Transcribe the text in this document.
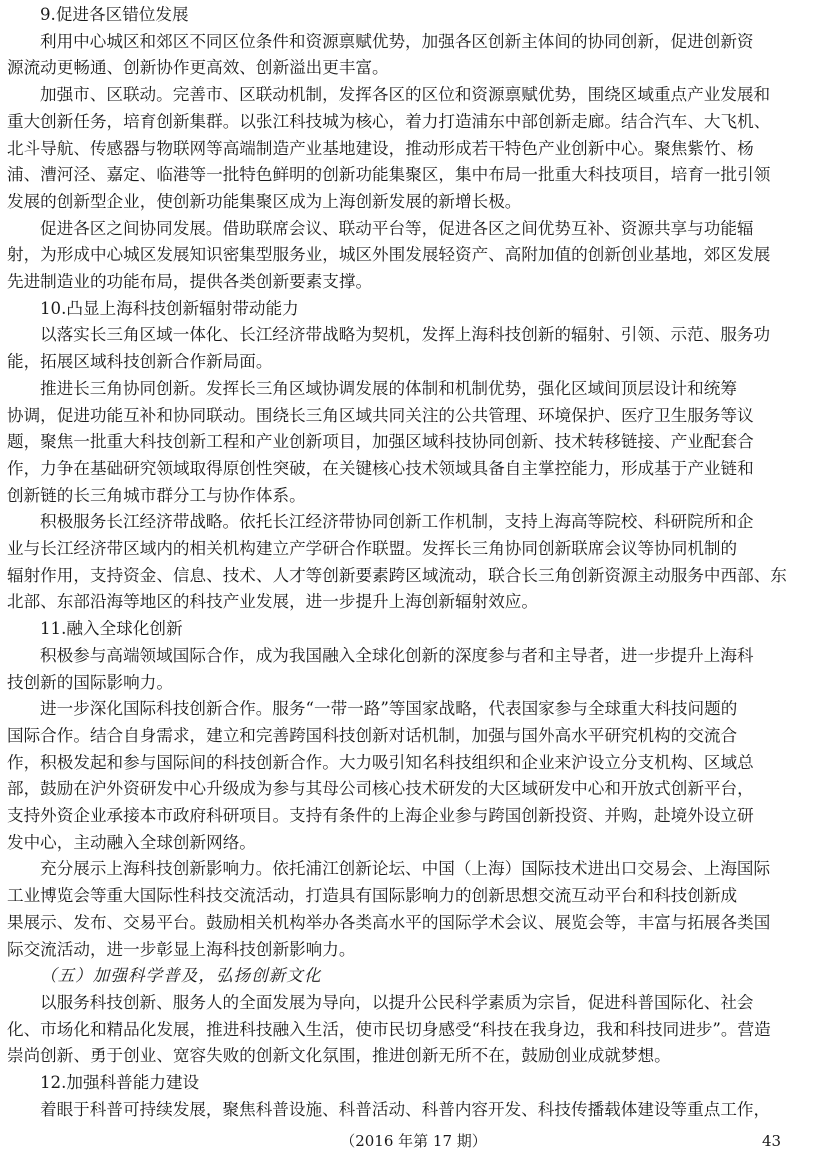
9.促进各区错位发展
利用中心城区和郊区不同区位条件和资源禀赋优势，加强各区创新主体间的协同创新，促进创新资
源流动更畅通、创新协作更高效、创新溢出更丰富。
加强市、区联动。完善市、区联动机制，发挥各区的区位和资源禀赋优势，围绕区域重点产业发展和
重大创新任务，培育创新集群。以张江科技城为核心，着力打造浦东中部创新走廊。结合汽车、大飞机、
北斗导航、传感器与物联网等高端制造产业基地建设，推动形成若干特色产业创新中心。聚焦紫竹、杨
浦、漕河泾、嘉定、临港等一批特色鲜明的创新功能集聚区，集中布局一批重大科技项目，培育一批引领
发展的创新型企业，使创新功能集聚区成为上海创新发展的新增长极。
促进各区之间协同发展。借助联席会议、联动平台等，促进各区之间优势互补、资源共享与功能辐
射，为形成中心城区发展知识密集型服务业，城区外围发展轻资产、高附加值的创新创业基地，郊区发展
先进制造业的功能布局，提供各类创新要素支撑。
10.凸显上海科技创新辐射带动能力
以落实长三角区域一体化、长江经济带战略为契机，发挥上海科技创新的辐射、引领、示范、服务功
能，拓展区域科技创新合作新局面。
推进长三角协同创新。发挥长三角区域协调发展的体制和机制优势，强化区域间顶层设计和统筹
协调，促进功能互补和协同联动。围绕长三角区域共同关注的公共管理、环境保护、医疗卫生服务等议
题，聚焦一批重大科技创新工程和产业创新项目，加强区域科技协同创新、技术转移链接、产业配套合
作，力争在基础研究领域取得原创性突破，在关键核心技术领域具备自主掌控能力，形成基于产业链和
创新链的长三角城市群分工与协作体系。
积极服务长江经济带战略。依托长江经济带协同创新工作机制，支持上海高等院校、科研院所和企
业与长江经济带区域内的相关机构建立产学研合作联盟。发挥长三角协同创新联席会议等协同机制的
辐射作用，支持资金、信息、技术、人才等创新要素跨区域流动，联合长三角创新资源主动服务中西部、东
北部、东部沿海等地区的科技产业发展，进一步提升上海创新辐射效应。
11.融入全球化创新
积极参与高端领域国际合作，成为我国融入全球化创新的深度参与者和主导者，进一步提升上海科
技创新的国际影响力。
进一步深化国际科技创新合作。服务“一带一路”等国家战略，代表国家参与全球重大科技问题的
国际合作。结合自身需求，建立和完善跨国科技创新对话机制，加强与国外高水平研究机构的交流合
作，积极发起和参与国际间的科技创新合作。大力吸引知名科技组织和企业来沪设立分支机构、区域总
部，鼓励在沪外资研发中心升级成为参与其母公司核心技术研发的大区域研发中心和开放式创新平台，
支持外资企业承接本市政府科研项目。支持有条件的上海企业参与跨国创新投资、并购，赴境外设立研
发中心，主动融入全球创新网络。
充分展示上海科技创新影响力。依托浦江创新论坛、中国（上海）国际技术进出口交易会、上海国际
工业博览会等重大国际性科技交流活动，打造具有国际影响力的创新思想交流互动平台和科技创新成
果展示、发布、交易平台。鼓励相关机构举办各类高水平的国际学术会议、展览会等，丰富与拓展各类国
际交流活动，进一步彰显上海科技创新影响力。
（五）加强科学普及，弘扬创新文化
以服务科技创新、服务人的全面发展为导向，以提升公民科学素质为宗旨，促进科普国际化、社会
化、市场化和精品化发展，推进科技融入生活，使市民切身感受“科技在我身边，我和科技同进步”。营造
崇尚创新、勇于创业、宽容失败的创新文化氛围，推进创新无所不在，鼓励创业成就梦想。
12.加强科普能力建设
着眼于科普可持续发展，聚焦科普设施、科普活动、科普内容开发、科技传播载体建设等重点工作，
（2016 年第 17 期）	43
